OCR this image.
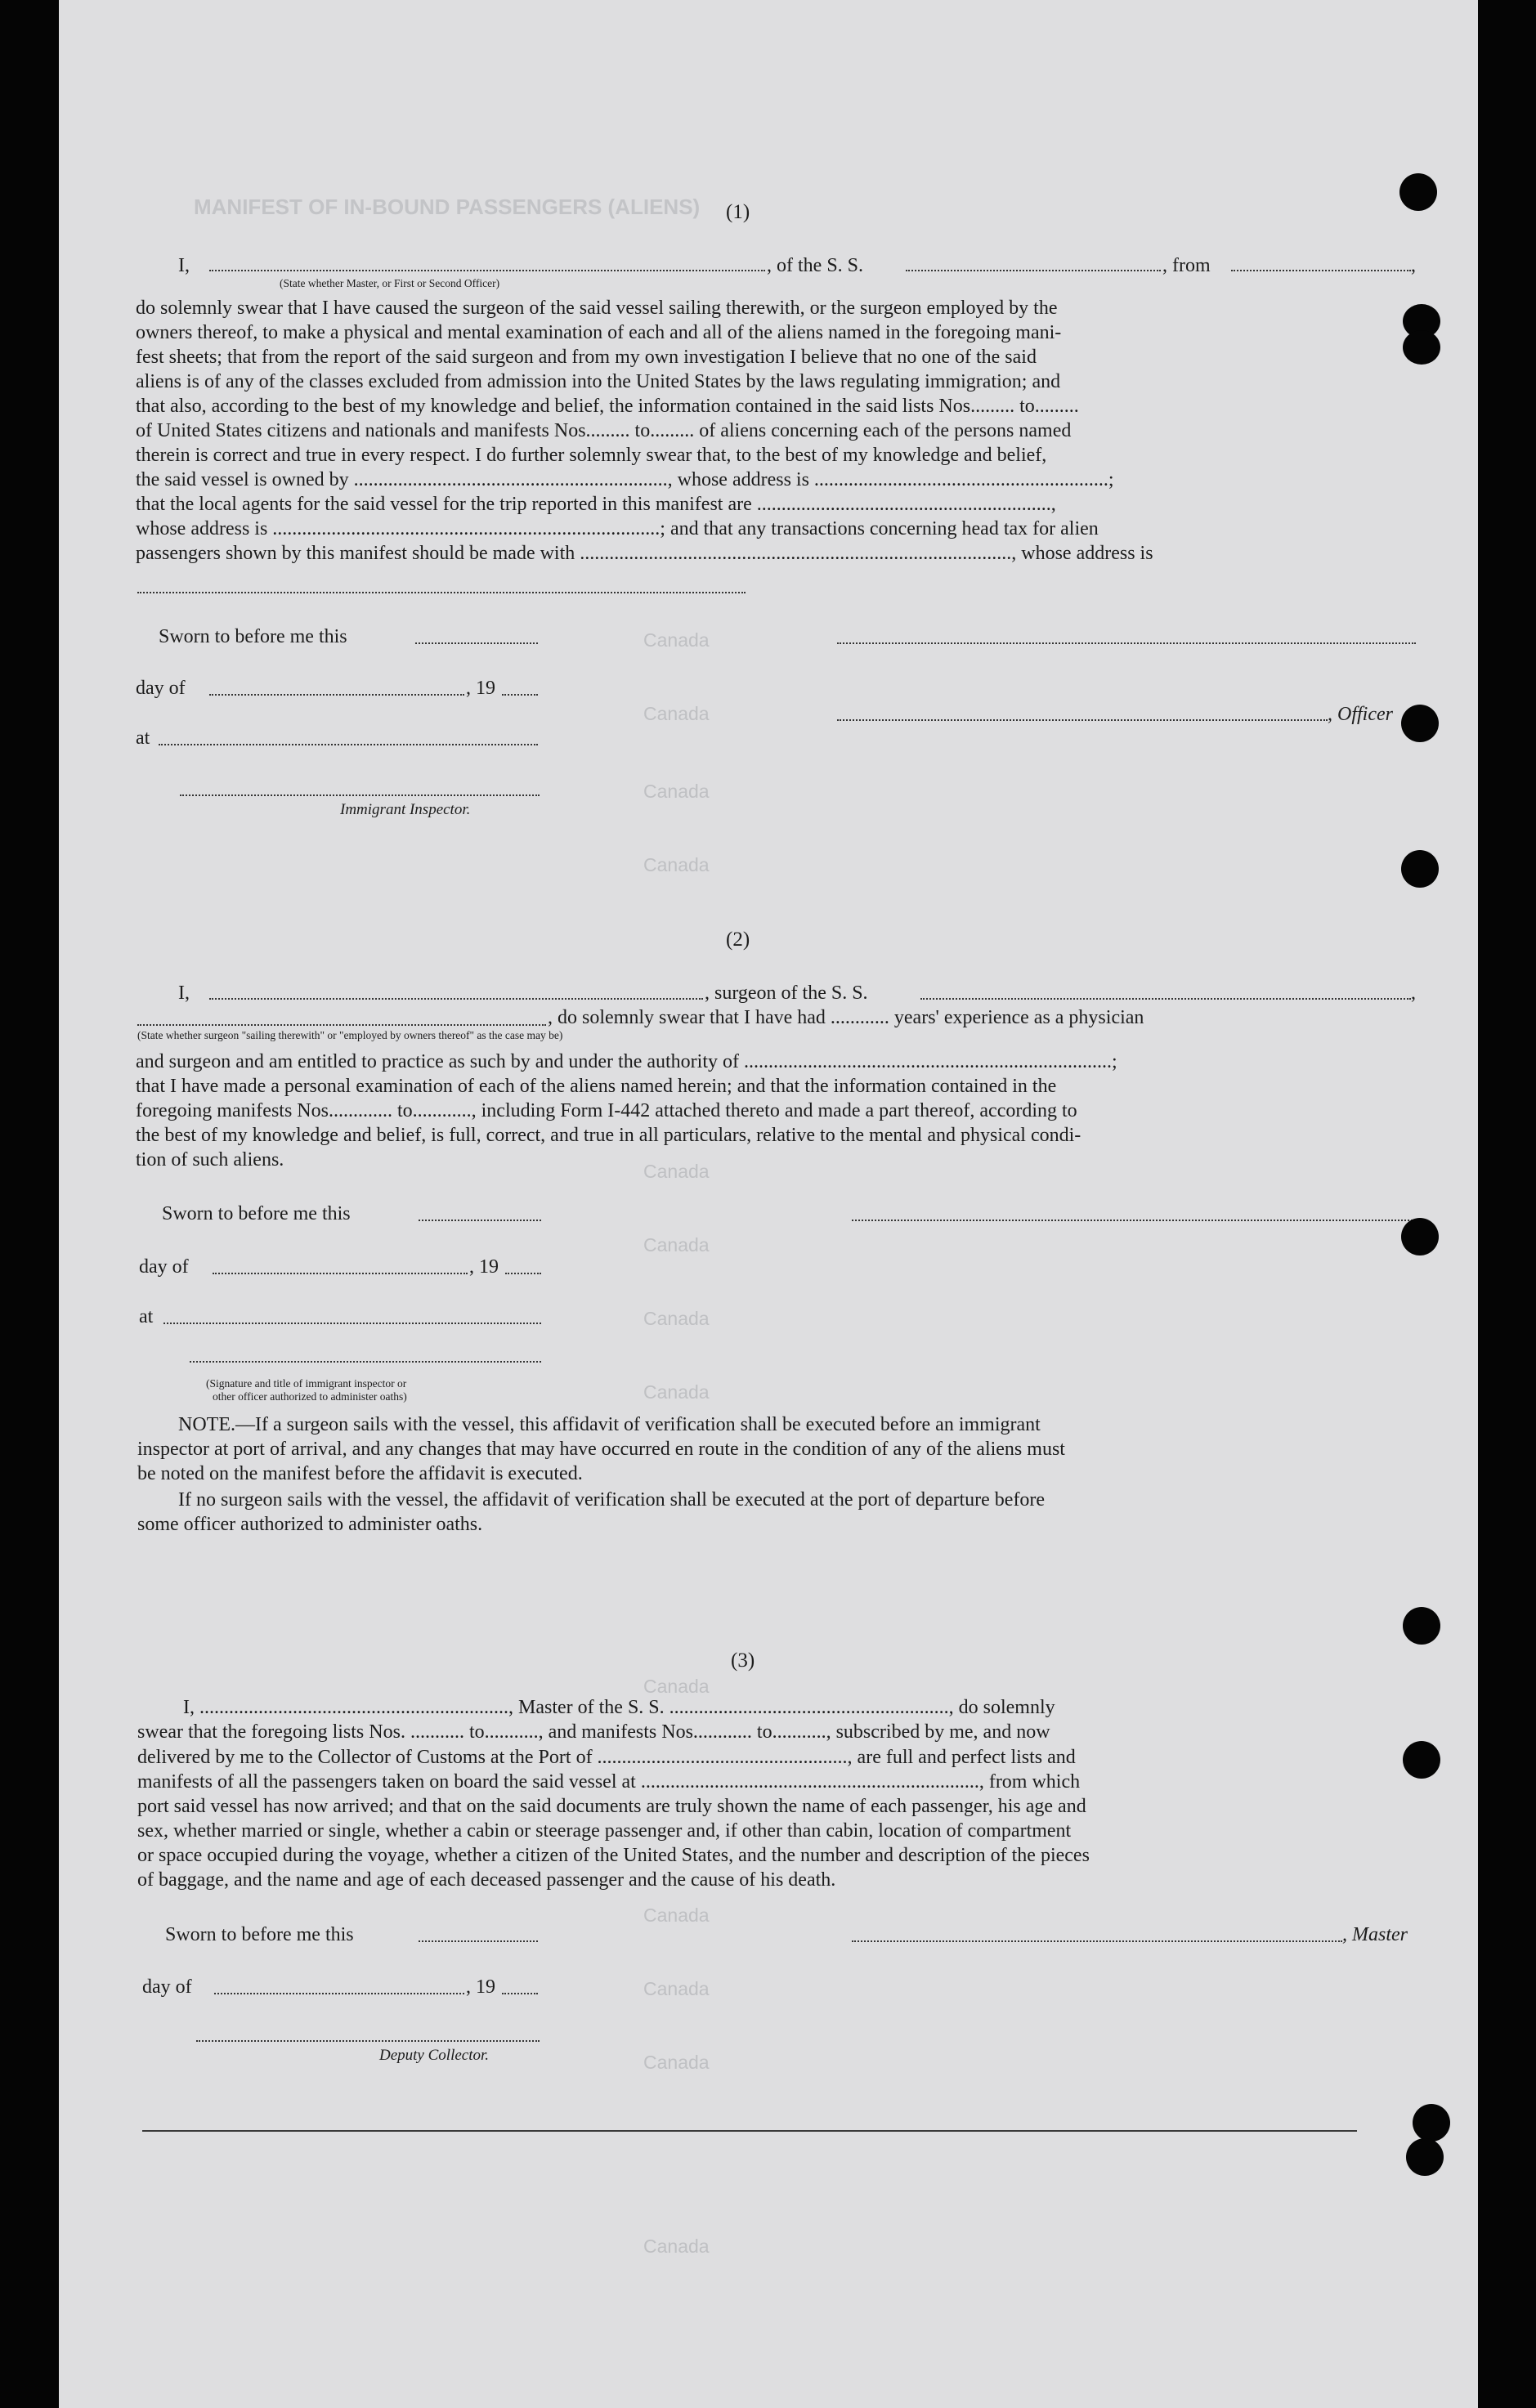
MANIFEST OF IN-BOUND PASSENGERS (ALIENS)
Canada
Canada
Canada
Canada
Canada
Canada
Canada
Canada
Canada
Canada
Canada
Canada
Canada
(1)
I,	, of the S. S.	, from	,
(State whether Master, or First or Second Officer)
do solemnly swear that I have caused the surgeon of the said vessel sailing therewith, or the surgeon employed by the
owners thereof, to make a physical and mental examination of each and all of the aliens named in the foregoing mani-
fest sheets; that from the report of the said surgeon and from my own investigation I believe that no one of the said
aliens is of any of the classes excluded from admission into the United States by the laws regulating immigration; and
that also, according to the best of my knowledge and belief, the information contained in the said lists Nos......... to.........
of United States citizens and nationals and manifests Nos......... to......... of aliens concerning each of the persons named
therein is correct and true in every respect. I do further solemnly swear that, to the best of my knowledge and belief,
the said vessel is owned by ................................................................, whose address is ............................................................;
that the local agents for the said vessel for the trip reported in this manifest are ............................................................,
whose address is ...............................................................................; and that any transactions concerning head tax for alien
passengers shown by this manifest should be made with ........................................................................................, whose address is
Sworn to before me this
day of	, 19
at
, Officer
Immigrant Inspector.
(2)
I,	, surgeon of the S. S.	,
, do solemnly swear that I have had ............ years' experience as a physician
(State whether surgeon "sailing therewith" or "employed by owners thereof" as the case may be)
and surgeon and am entitled to practice as such by and under the authority of ...........................................................................;
that I have made a personal examination of each of the aliens named herein; and that the information contained in the
foregoing manifests Nos............. to............, including Form I-442 attached thereto and made a part thereof, according to
the best of my knowledge and belief, is full, correct, and true in all particulars, relative to the mental and physical condi-
tion of such aliens.
Sworn to before me this
day of	, 19
at
(Signature and title of immigrant inspector or
other officer authorized to administer oaths)
NOTE.—If a surgeon sails with the vessel, this affidavit of verification shall be executed before an immigrant
inspector at port of arrival, and any changes that may have occurred en route in the condition of any of the aliens must
be noted on the manifest before the affidavit is executed.
If no surgeon sails with the vessel, the affidavit of verification shall be executed at the port of departure before
some officer authorized to administer oaths.
(3)
I, ..............................................................., Master of the S. S. ........................................................., do solemnly
swear that the foregoing lists Nos. ........... to..........., and manifests Nos............ to..........., subscribed by me, and now
delivered by me to the Collector of Customs at the Port of ..................................................., are full and perfect lists and
manifests of all the passengers taken on board the said vessel at ....................................................................., from which
port said vessel has now arrived; and that on the said documents are truly shown the name of each passenger, his age and
sex, whether married or single, whether a cabin or steerage passenger and, if other than cabin, location of compartment
or space occupied during the voyage, whether a citizen of the United States, and the number and description of the pieces
of baggage, and the name and age of each deceased passenger and the cause of his death.
Sworn to before me this	, Master
day of	, 19
Deputy Collector.
